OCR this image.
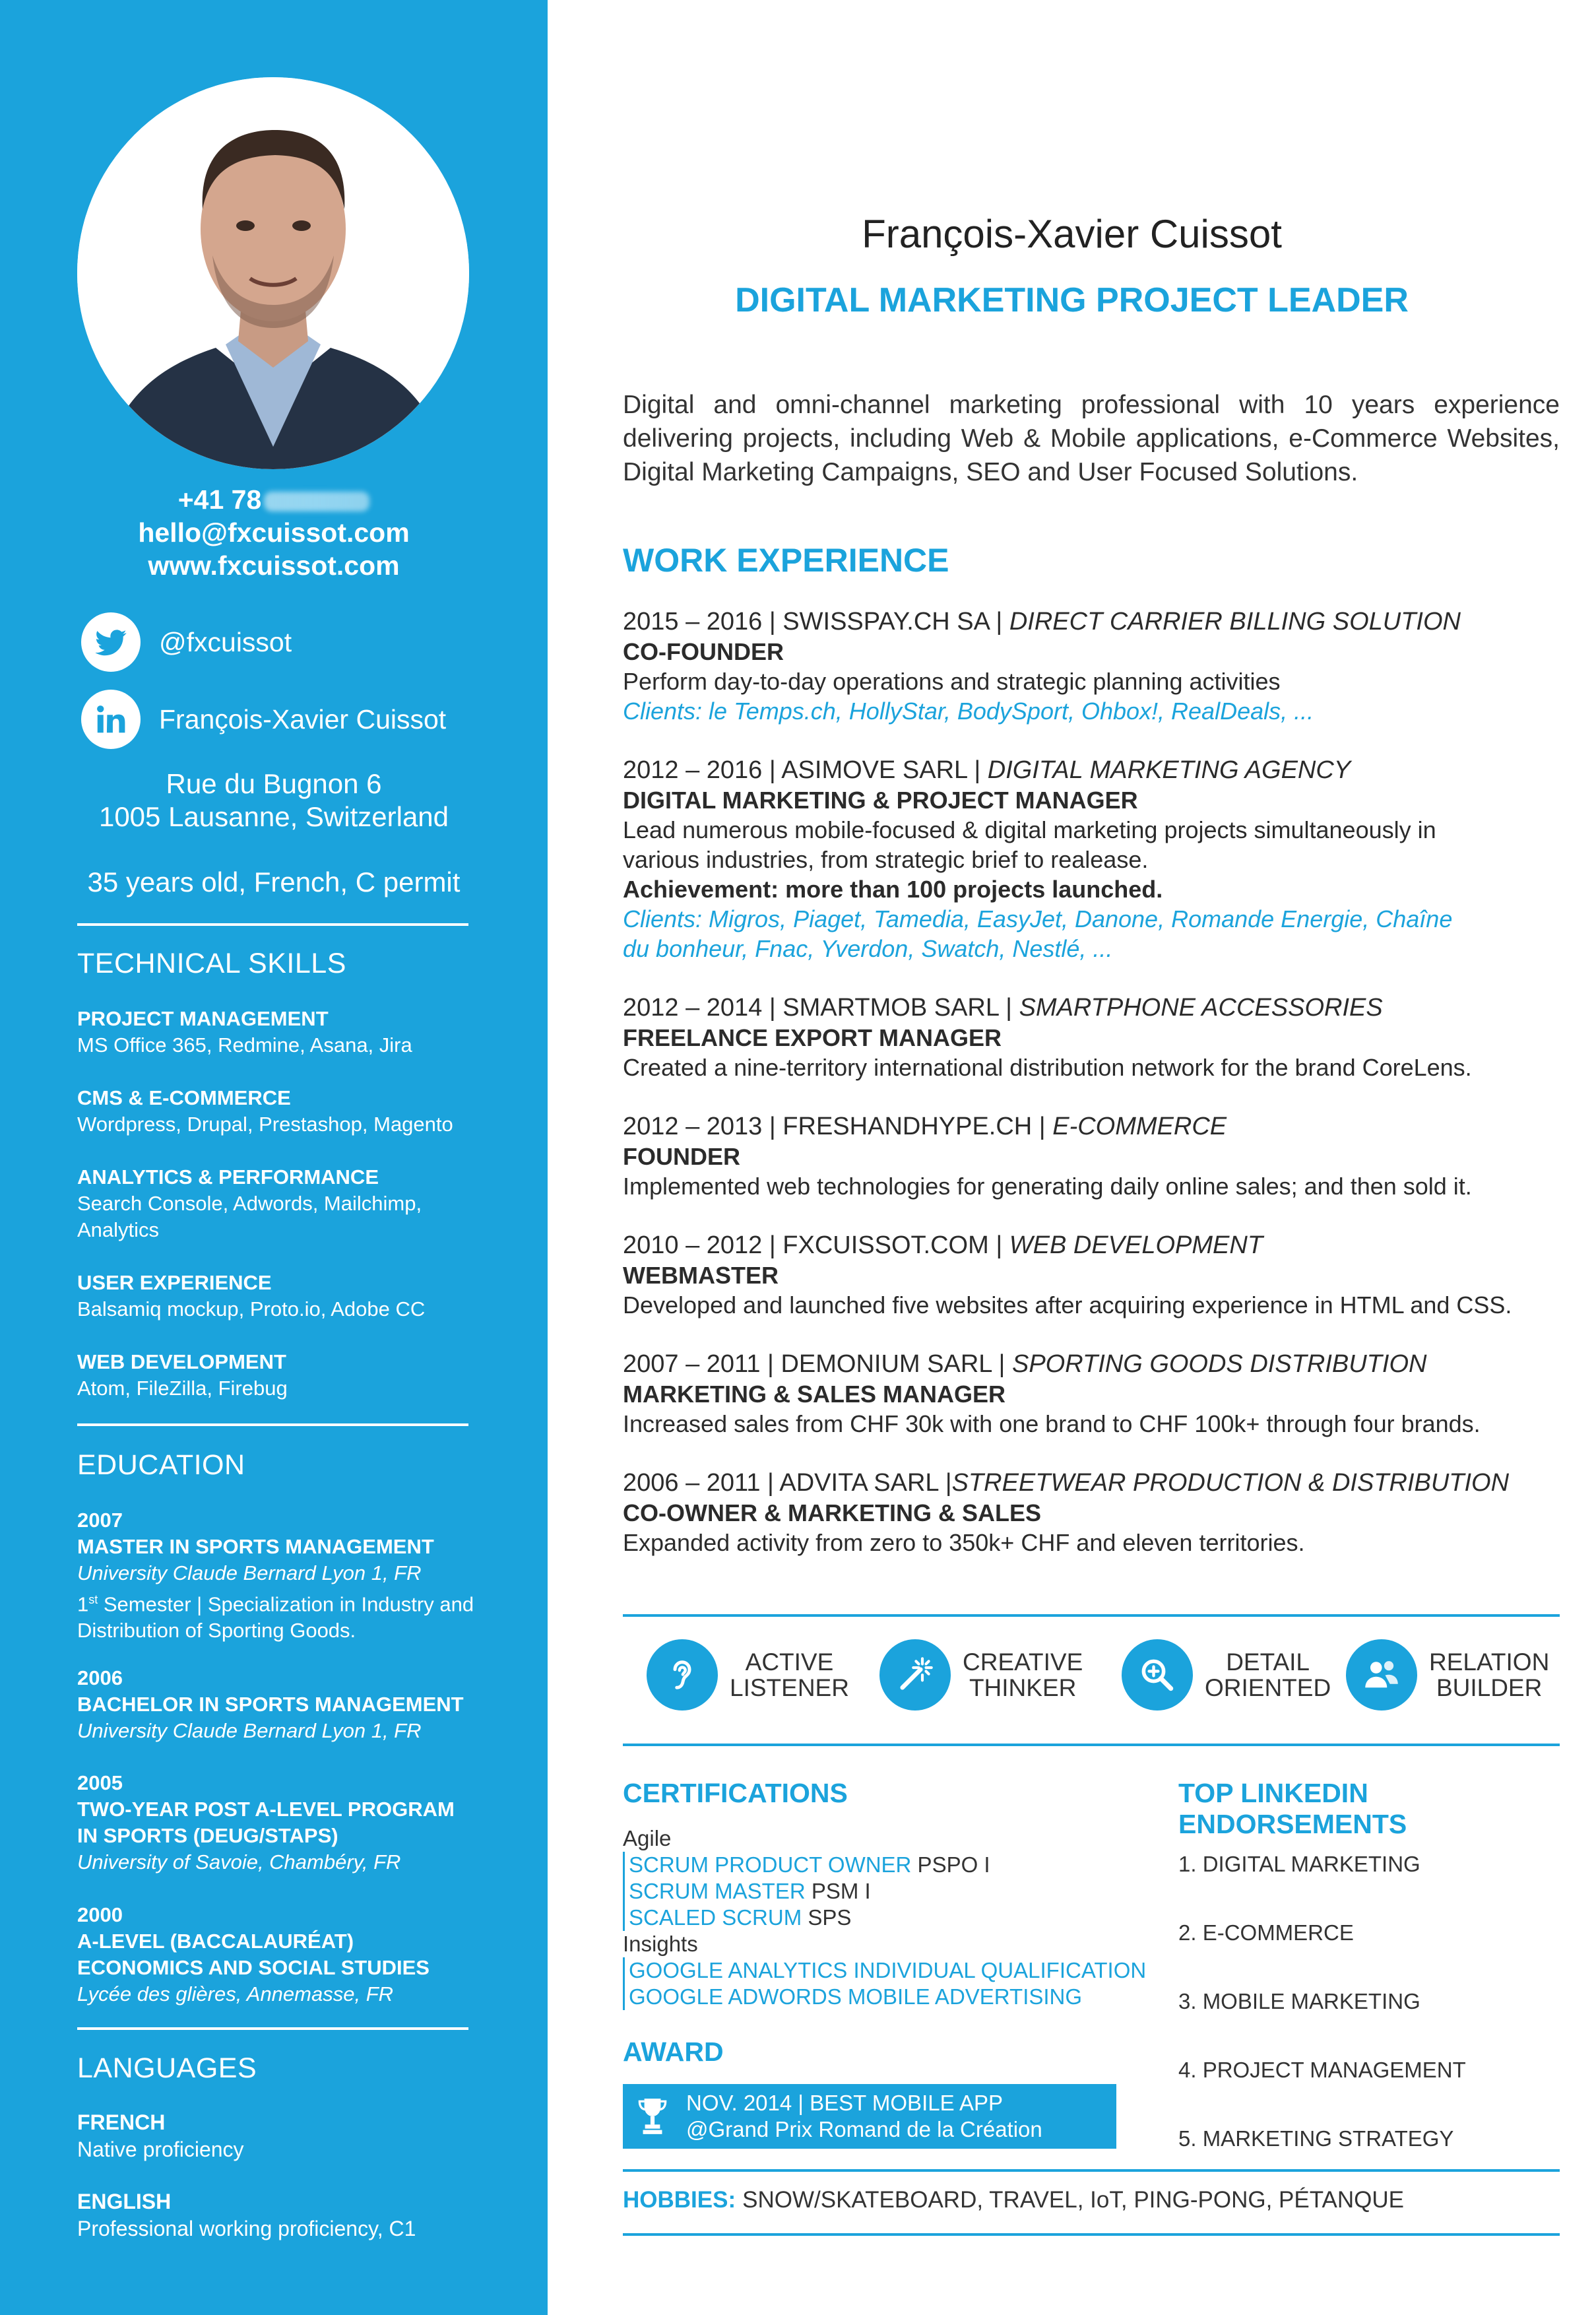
+41 78
hello@fxcuissot.com
www.fxcuissot.com
@fxcuissot
François-Xavier Cuissot
Rue du Bugnon 6
1005 Lausanne, Switzerland
35 years old, French, C permit
TECHNICAL SKILLS
PROJECT MANAGEMENT
MS Office 365, Redmine, Asana, Jira
CMS & E-COMMERCE
Wordpress, Drupal, Prestashop, Magento
ANALYTICS & PERFORMANCE
Search Console, Adwords, Mailchimp, Analytics
USER EXPERIENCE
Balsamiq mockup, Proto.io, Adobe CC
WEB DEVELOPMENT
Atom, FileZilla, Firebug
EDUCATION
2007
MASTER IN SPORTS MANAGEMENT
University Claude Bernard Lyon 1, FR
1st Semester | Specialization in Industry and Distribution of Sporting Goods.
2006
BACHELOR IN SPORTS MANAGEMENT
University Claude Bernard Lyon 1, FR
2005
TWO-YEAR POST A-LEVEL PROGRAM IN SPORTS (DEUG/STAPS)
University of Savoie, Chambéry, FR
2000
A-LEVEL (BACCALAURÉAT) ECONOMICS AND SOCIAL STUDIES
Lycée des glières, Annemasse, FR
LANGUAGES
FRENCH
Native proficiency
ENGLISH
Professional working proficiency, C1
François-Xavier Cuissot
DIGITAL MARKETING PROJECT LEADER
Digital and omni-channel marketing professional with 10 years experience delivering projects, including Web & Mobile applications, e-Commerce Websites, Digital Marketing Campaigns, SEO and User Focused Solutions.
WORK EXPERIENCE
2015 – 2016 | SWISSPAY.CH SA | DIRECT CARRIER BILLING SOLUTION
CO-FOUNDER
Perform day-to-day operations and strategic planning activities
Clients: le Temps.ch, HollyStar, BodySport, Ohbox!, RealDeals, ...
2012 – 2016 | ASIMOVE SARL | DIGITAL MARKETING AGENCY
DIGITAL MARKETING & PROJECT MANAGER
Lead numerous mobile-focused & digital marketing projects simultaneously in various industries, from strategic brief to realease.
Achievement: more than 100 projects launched.
Clients: Migros, Piaget, Tamedia, EasyJet, Danone, Romande Energie, Chaîne du bonheur, Fnac, Yverdon, Swatch, Nestlé, ...
2012 – 2014 | SMARTMOB SARL | SMARTPHONE ACCESSORIES
FREELANCE EXPORT MANAGER
Created a nine-territory international distribution network for the brand CoreLens.
2012 – 2013 | FRESHANDHYPE.CH | E-COMMERCE
FOUNDER
Implemented web technologies for generating daily online sales; and then sold it.
2010 – 2012 | FXCUISSOT.COM | WEB DEVELOPMENT
WEBMASTER
Developed and launched five websites after acquiring experience in HTML and CSS.
2007 – 2011 | DEMONIUM SARL | SPORTING GOODS DISTRIBUTION
MARKETING & SALES MANAGER
Increased sales from CHF 30k with one brand to CHF 100k+ through four brands.
2006 – 2011 | ADVITA SARL |STREETWEAR PRODUCTION & DISTRIBUTION
CO-OWNER & MARKETING & SALES
Expanded activity from zero to 350k+ CHF and eleven territories.
ACTIVE
LISTENER
CREATIVE
THINKER
DETAIL
ORIENTED
RELATION
BUILDER
CERTIFICATIONS
Agile
SCRUM PRODUCT OWNER PSPO I
SCRUM MASTER PSM I
SCALED SCRUM SPS
Insights
GOOGLE ANALYTICS INDIVIDUAL QUALIFICATION
GOOGLE ADWORDS MOBILE ADVERTISING
AWARD
NOV. 2014 | BEST MOBILE APP
@Grand Prix Romand de la Création
TOP LINKEDIN ENDORSEMENTS
1. DIGITAL MARKETING
2. E-COMMERCE
3. MOBILE MARKETING
4. PROJECT MANAGEMENT
5. MARKETING STRATEGY
HOBBIES: SNOW/SKATEBOARD, TRAVEL, IoT, PING-PONG, PÉTANQUE
